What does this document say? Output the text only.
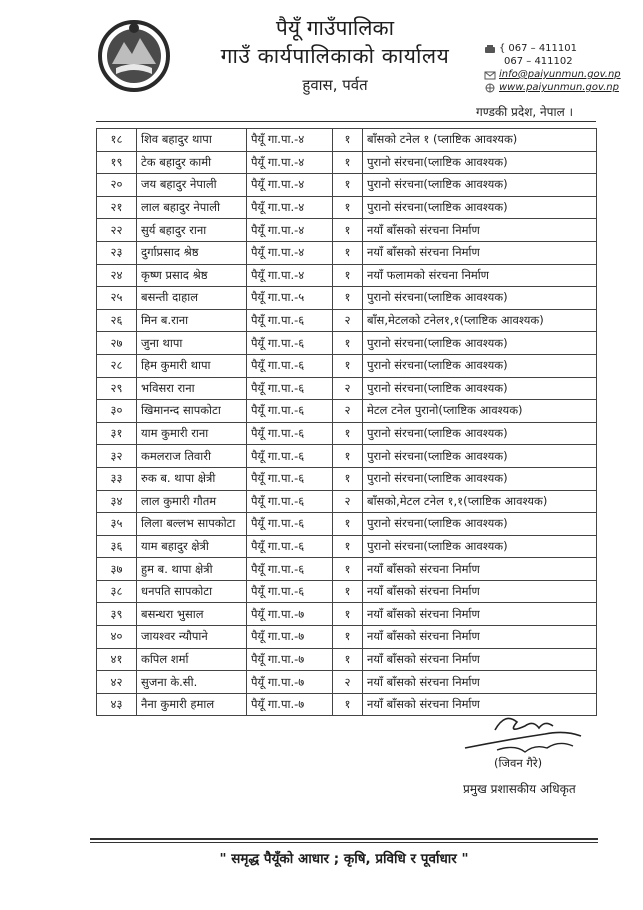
पैयूँ गाउँपालिका
गाउँ कार्यपालिकाको कार्यालय
हुवास, पर्वत
{ 067 – 411101
067 – 411102
info@paiyunmun.gov.np
www.paiyunmun.gov.np
गण्डकी प्रदेश, नेपाल ।
१८	शिव बहादुर थापा	पैयूँ गा.पा.-४	१	बाँसको टनेल १ (प्लाष्टिक आवश्यक)
१९	टेक बहादुर कामी	पैयूँ गा.पा.-४	१	पुरानो संरचना(प्लाष्टिक आवश्यक)
२०	जय बहादुर नेपाली	पैयूँ गा.पा.-४	१	पुरानो संरचना(प्लाष्टिक आवश्यक)
२१	लाल बहादुर नेपाली	पैयूँ गा.पा.-४	१	पुरानो संरचना(प्लाष्टिक आवश्यक)
२२	सुर्य बहादुर राना	पैयूँ गा.पा.-४	१	नयाँ बाँसको संरचना निर्माण
२३	दुर्गाप्रसाद श्रेष्ठ	पैयूँ गा.पा.-४	१	नयाँ बाँसको संरचना निर्माण
२४	कृष्ण प्रसाद श्रेष्ठ	पैयूँ गा.पा.-४	१	नयाँ फलामको संरचना निर्माण
२५	बसन्ती दाहाल	पैयूँ गा.पा.-५	१	पुरानो संरचना(प्लाष्टिक आवश्यक)
२६	मिन ब.राना	पैयूँ गा.पा.-६	२	बाँस,मेटलको टनेल१,१(प्लाष्टिक आवश्यक)
२७	जुना थापा	पैयूँ गा.पा.-६	१	पुरानो संरचना(प्लाष्टिक आवश्यक)
२८	हिम कुमारी थापा	पैयूँ गा.पा.-६	१	पुरानो संरचना(प्लाष्टिक आवश्यक)
२९	भविसरा राना	पैयूँ गा.पा.-६	२	पुरानो संरचना(प्लाष्टिक आवश्यक)
३०	खिमानन्द सापकोटा	पैयूँ गा.पा.-६	२	मेटल टनेल पुरानो(प्लाष्टिक आवश्यक)
३१	याम कुमारी राना	पैयूँ गा.पा.-६	१	पुरानो संरचना(प्लाष्टिक आवश्यक)
३२	कमलराज तिवारी	पैयूँ गा.पा.-६	१	पुरानो संरचना(प्लाष्टिक आवश्यक)
३३	रुक ब. थापा क्षेत्री	पैयूँ गा.पा.-६	१	पुरानो संरचना(प्लाष्टिक आवश्यक)
३४	लाल कुमारी गौतम	पैयूँ गा.पा.-६	२	बाँसको,मेटल टनेल १,१(प्लाष्टिक आवश्यक)
३५	लिला बल्लभ सापकोटा	पैयूँ गा.पा.-६	१	पुरानो संरचना(प्लाष्टिक आवश्यक)
३६	याम बहादुर क्षेत्री	पैयूँ गा.पा.-६	१	पुरानो संरचना(प्लाष्टिक आवश्यक)
३७	हुम ब. थापा क्षेत्री	पैयूँ गा.पा.-६	१	नयाँ बाँसको संरचना निर्माण
३८	धनपति सापकोटा	पैयूँ गा.पा.-६	१	नयाँ बाँसको संरचना निर्माण
३९	बसन्धरा भुसाल	पैयूँ गा.पा.-७	१	नयाँ बाँसको संरचना निर्माण
४०	जायश्वर न्यौपाने	पैयूँ गा.पा.-७	१	नयाँ बाँसको संरचना निर्माण
४१	कपिल शर्मा	पैयूँ गा.पा.-७	१	नयाँ बाँसको संरचना निर्माण
४२	सुजना के.सी.	पैयूँ गा.पा.-७	२	नयाँ बाँसको संरचना निर्माण
४३	नैना कुमारी हमाल	पैयूँ गा.पा.-७	१	नयाँ बाँसको संरचना निर्माण
(जिवन गैरे)
प्रमुख प्रशासकीय अधिकृत
" समृद्ध पैयूँको आधार ; कृषि, प्रविधि र पूर्वाधार "
